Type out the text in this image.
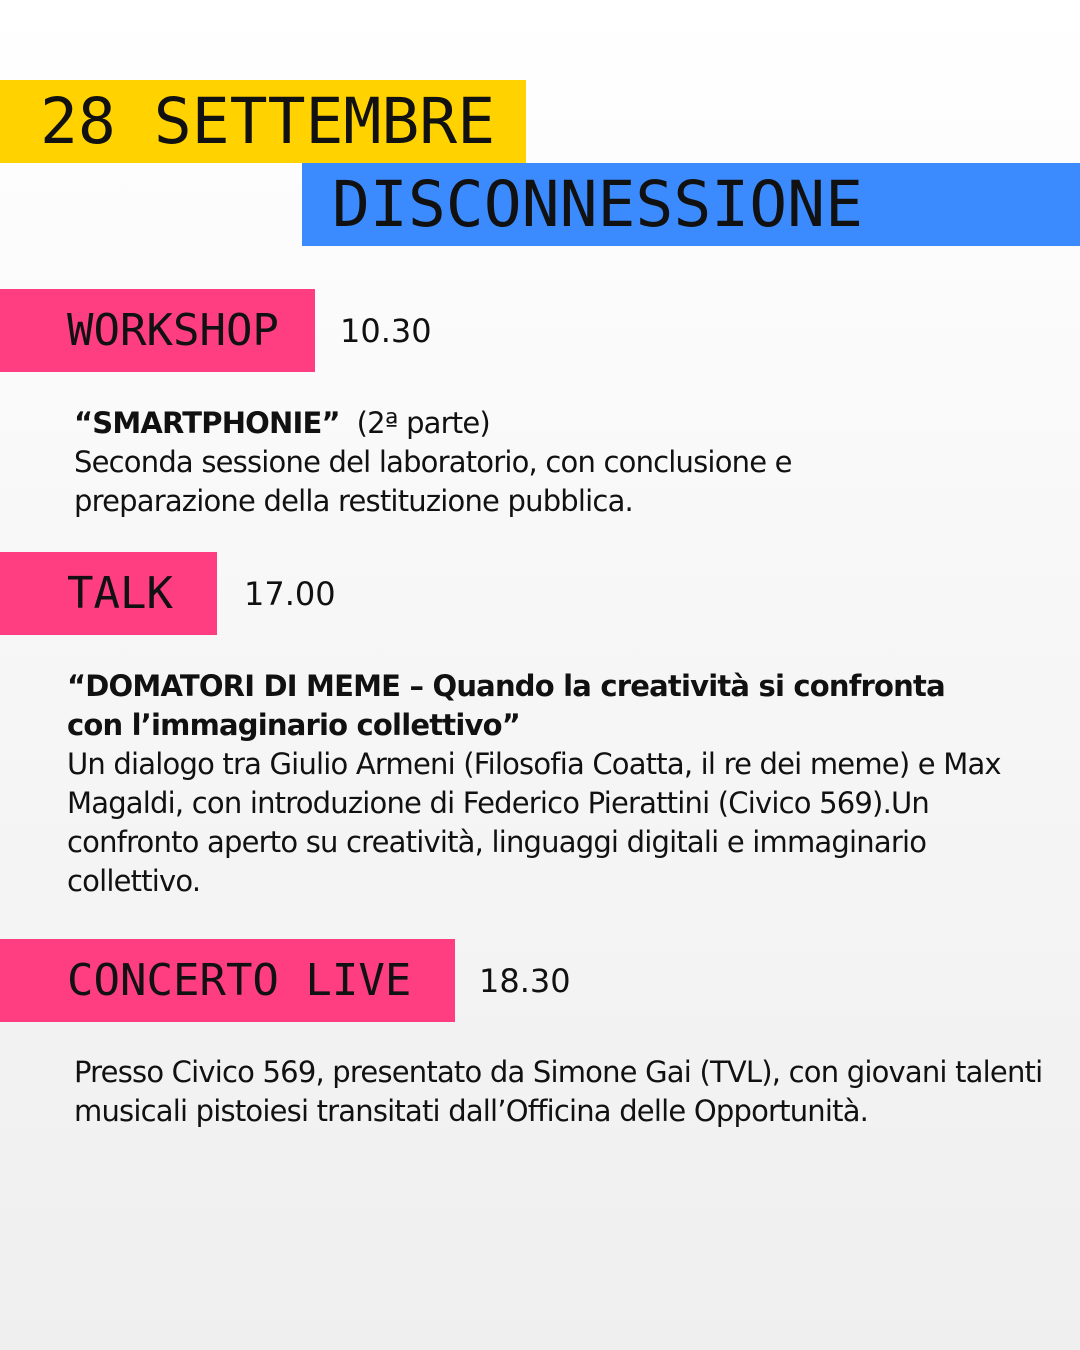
28 SETTEMBRE
DISCONNESSIONE
WORKSHOP 10.30
“SMARTPHONIE” (2ª parte)
Seconda sessione del laboratorio, con conclusione e preparazione della restituzione pubblica.
TALK 17.00
“DOMATORI DI MEME – Quando la creatività si confronta con l’immaginario collettivo”
Un dialogo tra Giulio Armeni (Filosofia Coatta, il re dei meme) e Max Magaldi, con introduzione di Federico Pierattini (Civico 569).Un confronto aperto su creatività, linguaggi digitali e immaginario collettivo.
CONCERTO LIVE 18.30
Presso Civico 569, presentato da Simone Gai (TVL), con giovani talenti musicali pistoiesi transitati dall’Officina delle Opportunità.
